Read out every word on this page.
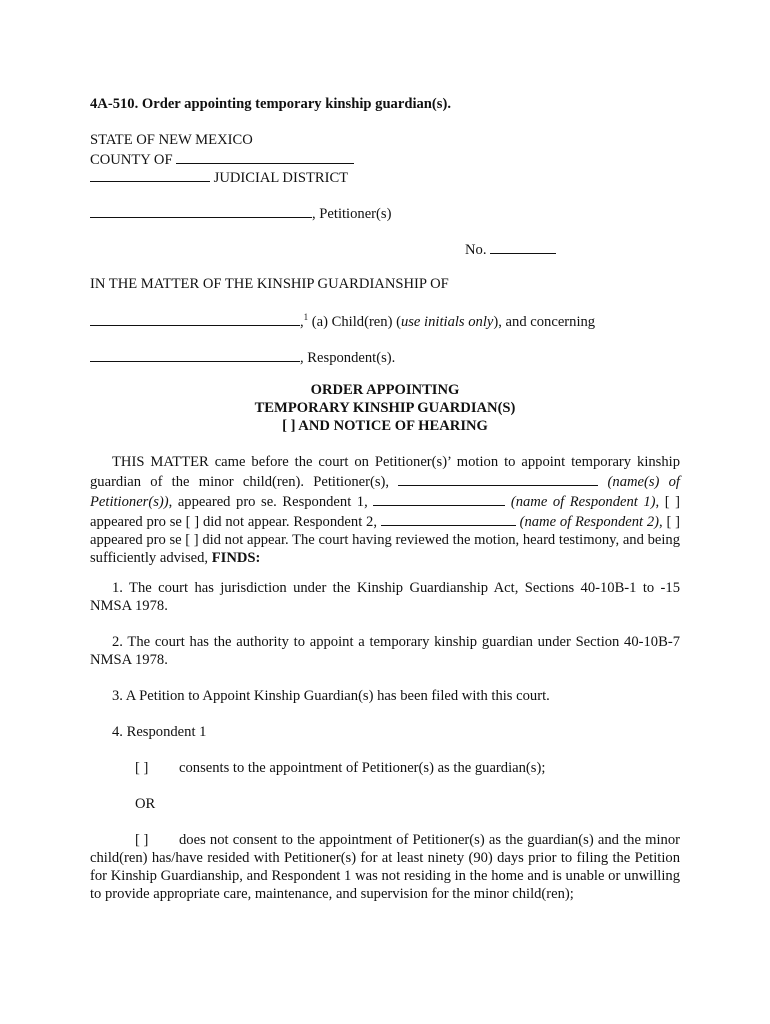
4A-510. Order appointing temporary kinship guardian(s).
STATE OF NEW MEXICO
COUNTY OF
JUDICIAL DISTRICT
, Petitioner(s)
No.
IN THE MATTER OF THE KINSHIP GUARDIANSHIP OF
,$^1$ (a) Child(ren) (use initials only), and concerning
, Respondent(s).
ORDER APPOINTING
TEMPORARY KINSHIP GUARDIAN(S)
[ ] AND NOTICE OF HEARING
THIS MATTER came before the court on Petitioner(s)’ motion to appoint temporary kinship guardian of the minor child(ren). Petitioner(s),	(name(s) of Petitioner(s)), appeared pro se. Respondent 1,	(name of Respondent 1), [ ] appeared pro se [ ] did not appear. Respondent 2,	(name of Respondent 2), [ ] appeared pro se [ ] did not appear. The court having reviewed the motion, heard testimony, and being sufficiently advised, FINDS:
1. The court has jurisdiction under the Kinship Guardianship Act, Sections 40-10B-1 to -15 NMSA 1978.
2. The court has the authority to appoint a temporary kinship guardian under Section 40-10B-7 NMSA 1978.
3. A Petition to Appoint Kinship Guardian(s) has been filed with this court.
4. Respondent 1
[ ] consents to the appointment of Petitioner(s) as the guardian(s);
OR
[ ] does not consent to the appointment of Petitioner(s) as the guardian(s) and the minor child(ren) has/have resided with Petitioner(s) for at least ninety (90) days prior to filing the Petition for Kinship Guardianship, and Respondent 1 was not residing in the home and is unable or unwilling to provide appropriate care, maintenance, and supervision for the minor child(ren);
